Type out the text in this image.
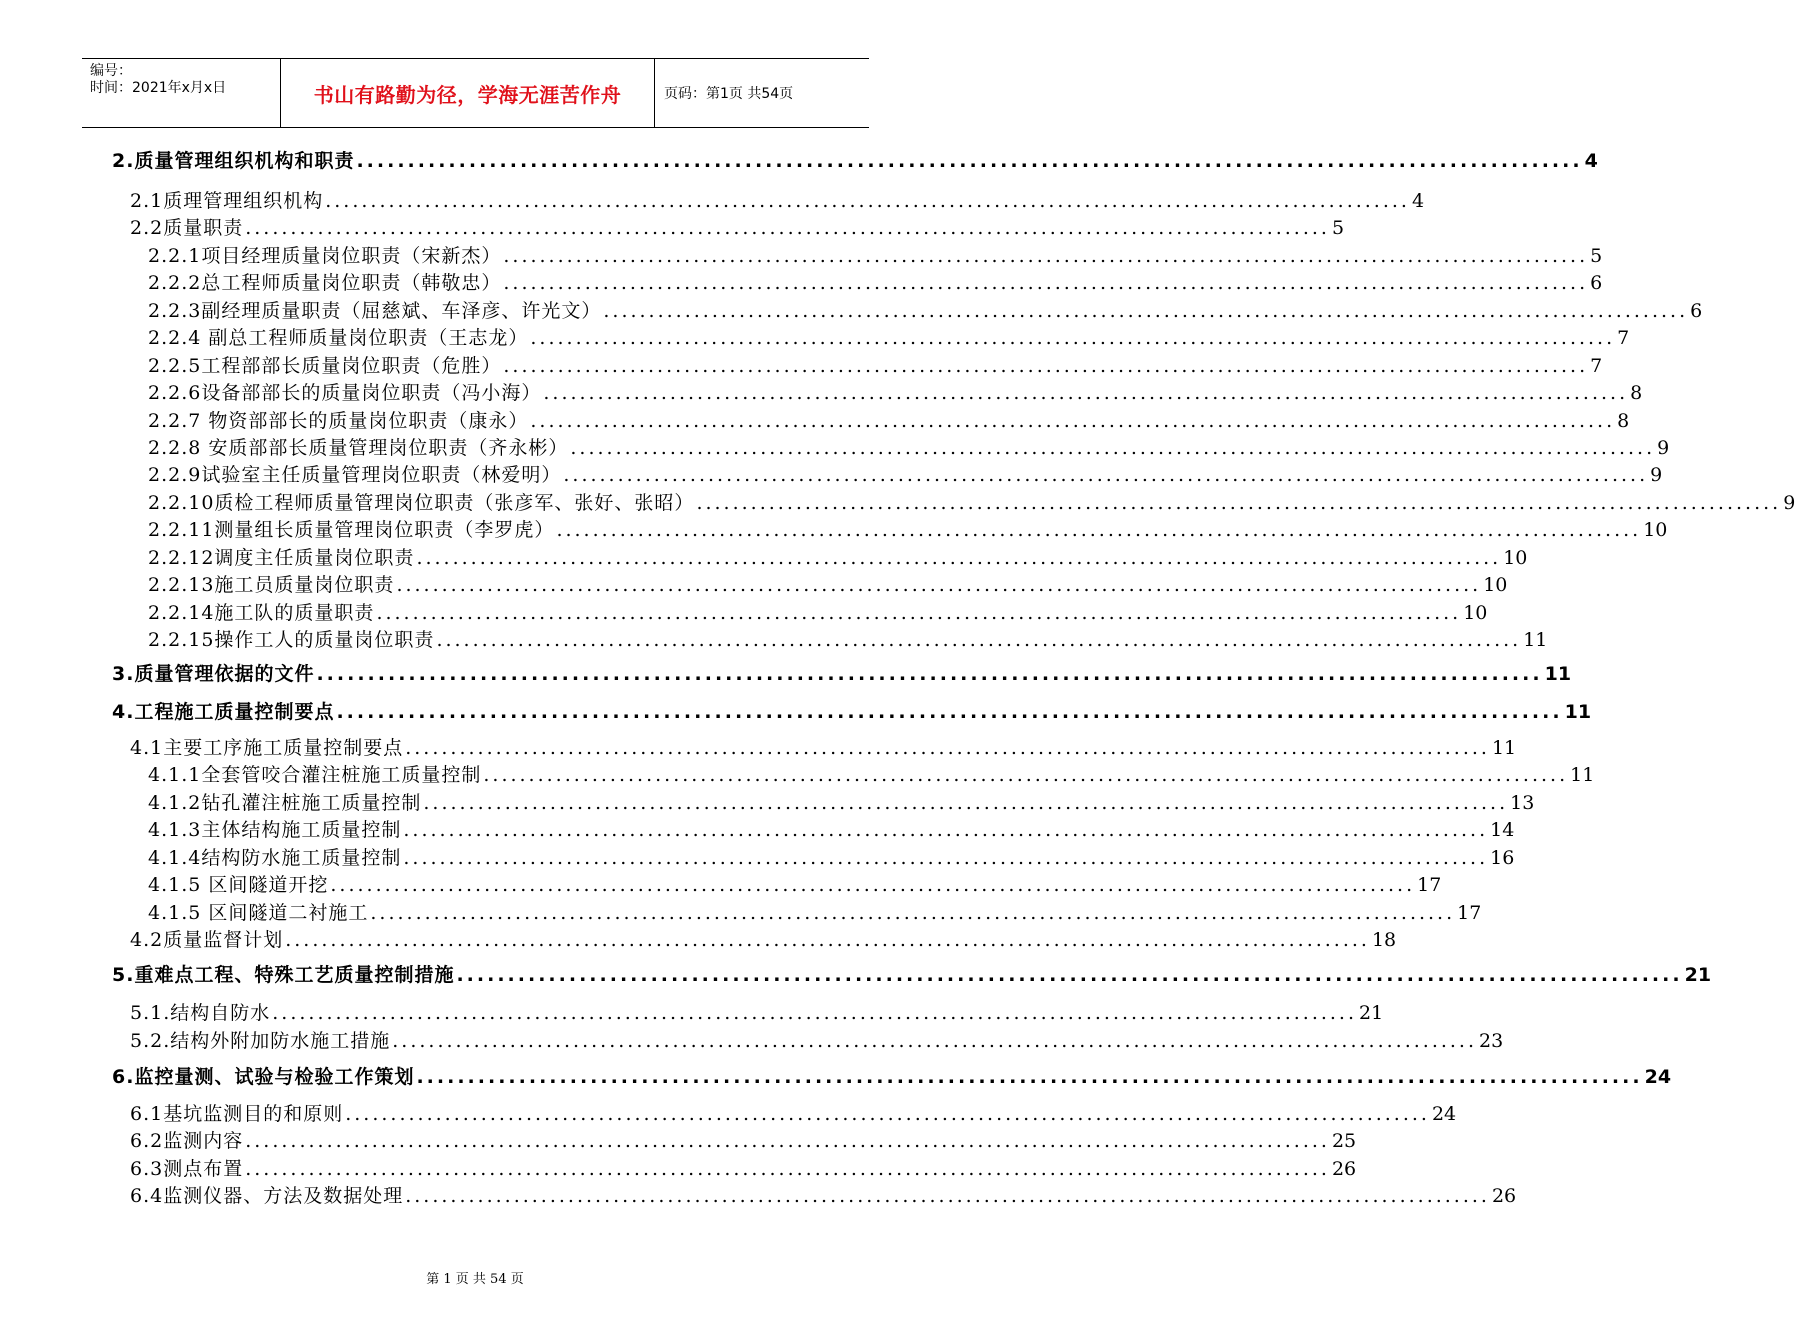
编号：
时间：2021年x月x日	书山有路勤为径，学海无涯苦作舟	页码：第1页 共54页
2.质量管理组织机构和职责 ........................................................................................................................ 4
2.1质理管理组织机构 ........................................................................................................................ 4
2.2质量职责 ........................................................................................................................ 5
2.2.1项目经理质量岗位职责（宋新杰） ........................................................................................................................ 5
2.2.2总工程师质量岗位职责（韩敬忠） ........................................................................................................................ 6
2.2.3副经理质量职责（屈慈斌、车泽彦、许光文） ........................................................................................................................ 6
2.2.4 副总工程师质量岗位职责（王志龙） ........................................................................................................................ 7
2.2.5工程部部长质量岗位职责（危胜） ........................................................................................................................ 7
2.2.6设备部部长的质量岗位职责（冯小海） ........................................................................................................................ 8
2.2.7 物资部部长的质量岗位职责（康永） ........................................................................................................................ 8
2.2.8 安质部部长质量管理岗位职责（齐永彬） ........................................................................................................................ 9
2.2.9试验室主任质量管理岗位职责（林爱明） ........................................................................................................................ 9
2.2.10质检工程师质量管理岗位职责（张彦军、张好、张昭） ........................................................................................................................ 9
2.2.11测量组长质量管理岗位职责（李罗虎） ........................................................................................................................ 10
2.2.12调度主任质量岗位职责 ........................................................................................................................ 10
2.2.13施工员质量岗位职责 ........................................................................................................................ 10
2.2.14施工队的质量职责 ........................................................................................................................ 10
2.2.15操作工人的质量岗位职责 ........................................................................................................................ 11
3.质量管理依据的文件 ........................................................................................................................ 11
4.工程施工质量控制要点 ........................................................................................................................ 11
4.1主要工序施工质量控制要点 ........................................................................................................................ 11
4.1.1全套管咬合灌注桩施工质量控制 ........................................................................................................................ 11
4.1.2钻孔灌注桩施工质量控制 ........................................................................................................................ 13
4.1.3主体结构施工质量控制 ........................................................................................................................ 14
4.1.4结构防水施工质量控制 ........................................................................................................................ 16
4.1.5 区间隧道开挖 ........................................................................................................................ 17
4.1.5 区间隧道二衬施工 ........................................................................................................................ 17
4.2质量监督计划 ........................................................................................................................ 18
5.重难点工程、特殊工艺质量控制措施 ........................................................................................................................ 21
5.1.结构自防水 ........................................................................................................................ 21
5.2.结构外附加防水施工措施 ........................................................................................................................ 23
6.监控量测、试验与检验工作策划 ........................................................................................................................ 24
6.1基坑监测目的和原则 ........................................................................................................................ 24
6.2监测内容 ........................................................................................................................ 25
6.3测点布置 ........................................................................................................................ 26
6.4监测仪器、方法及数据处理 ........................................................................................................................ 26
第 1 页 共 54 页
